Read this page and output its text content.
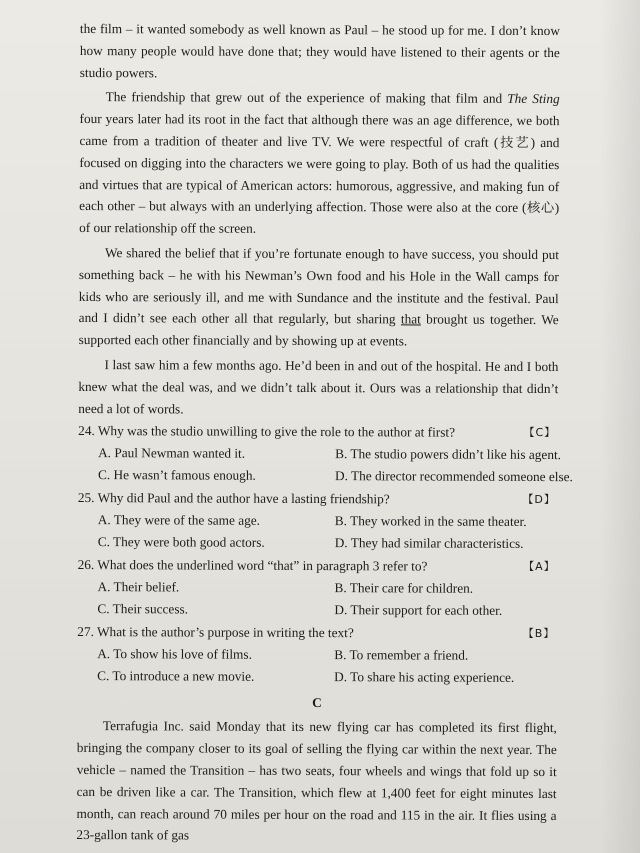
the film – it wanted somebody as well known as Paul – he stood up for me. I don’t know how many people would have done that; they would have listened to their agents or the studio powers.

The friendship that grew out of the experience of making that film and The Sting four years later had its root in the fact that although there was an age difference, we both came from a tradition of theater and live TV. We were respectful of craft (技艺) and focused on digging into the characters we were going to play. Both of us had the qualities and virtues that are typical of American actors: humorous, aggressive, and making fun of each other – but always with an underlying affection. Those were also at the core (核心) of our relationship off the screen.

We shared the belief that if you’re fortunate enough to have success, you should put something back – he with his Newman’s Own food and his Hole in the Wall camps for kids who are seriously ill, and me with Sundance and the institute and the festival. Paul and I didn’t see each other all that regularly, but sharing that brought us together. We supported each other financially and by showing up at events.

I last saw him a few months ago. He’d been in and out of the hospital. He and I both knew what the deal was, and we didn’t talk about it. Ours was a relationship that didn’t need a lot of words.

24. Why was the studio unwilling to give the role to the author at first?	【C】
A. Paul Newman wanted it.	B. The studio powers didn’t like his agent.
C. He wasn’t famous enough.	D. The director recommended someone else.
25. Why did Paul and the author have a lasting friendship?	【D】
A. They were of the same age.	B. They worked in the same theater.
C. They were both good actors.	D. They had similar characteristics.
26. What does the underlined word “that” in paragraph 3 refer to?	【A】
A. Their belief.	B. Their care for children.
C. Their success.	D. Their support for each other.
27. What is the author’s purpose in writing the text?	【B】
A. To show his love of films.	B. To remember a friend.
C. To introduce a new movie.	D. To share his acting experience.
C

Terrafugia Inc. said Monday that its new flying car has completed its first flight, bringing the company closer to its goal of selling the flying car within the next year. The vehicle – named the Transition – has two seats, four wheels and wings that fold up so it can be driven like a car. The Transition, which flew at 1,400 feet for eight minutes last month, can reach around 70 miles per hour on the road and 115 in the air. It flies using a 23-gallon tank of gas
